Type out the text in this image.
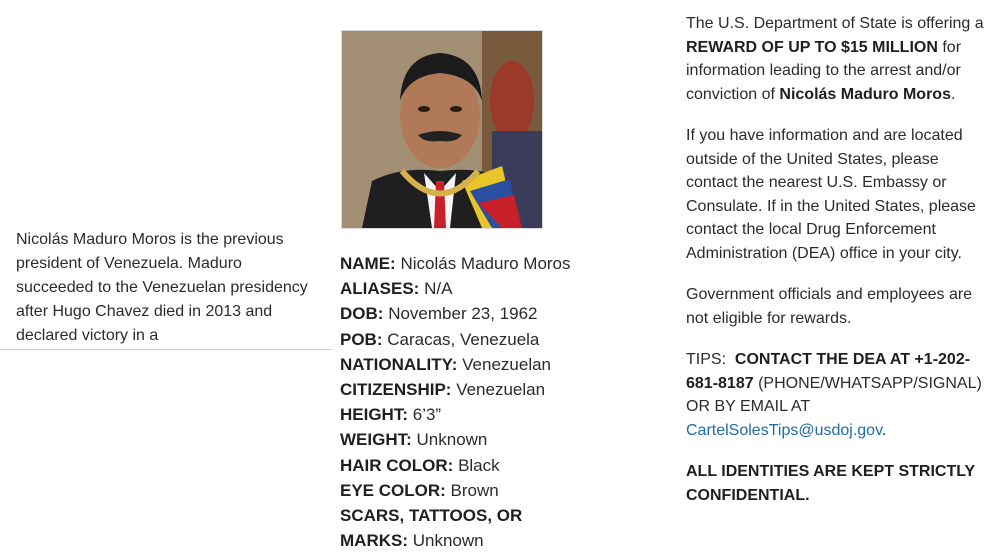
Nicolás Maduro Moros is the previous president of Venezuela. Maduro succeeded to the Venezuelan presidency after Hugo Chavez died in 2013 and declared victory in a
NAME: Nicolás Maduro Moros
ALIASES: N/A
DOB: November 23, 1962
POB: Caracas, Venezuela
NATIONALITY: Venezuelan
CITIZENSHIP: Venezuelan
HEIGHT: 6’3”
WEIGHT: Unknown
HAIR COLOR: Black
EYE COLOR: Brown
SCARS, TATTOOS, OR
MARKS: Unknown

The U.S. Department of State is offering a REWARD OF UP TO $15 MILLION for information leading to the arrest and/or conviction of Nicolás Maduro Moros.

If you have information and are located outside of the United States, please contact the nearest U.S. Embassy or Consulate. If in the United States, please contact the local Drug Enforcement Administration (DEA) office in your city.

Government officials and employees are not eligible for rewards.

TIPS: CONTACT THE DEA AT +1-202-681-8187 (PHONE/WHATSAPP/SIGNAL) OR BY EMAIL AT CartelSolesTips@usdoj.gov.

ALL IDENTITIES ARE KEPT STRICTLY CONFIDENTIAL.
